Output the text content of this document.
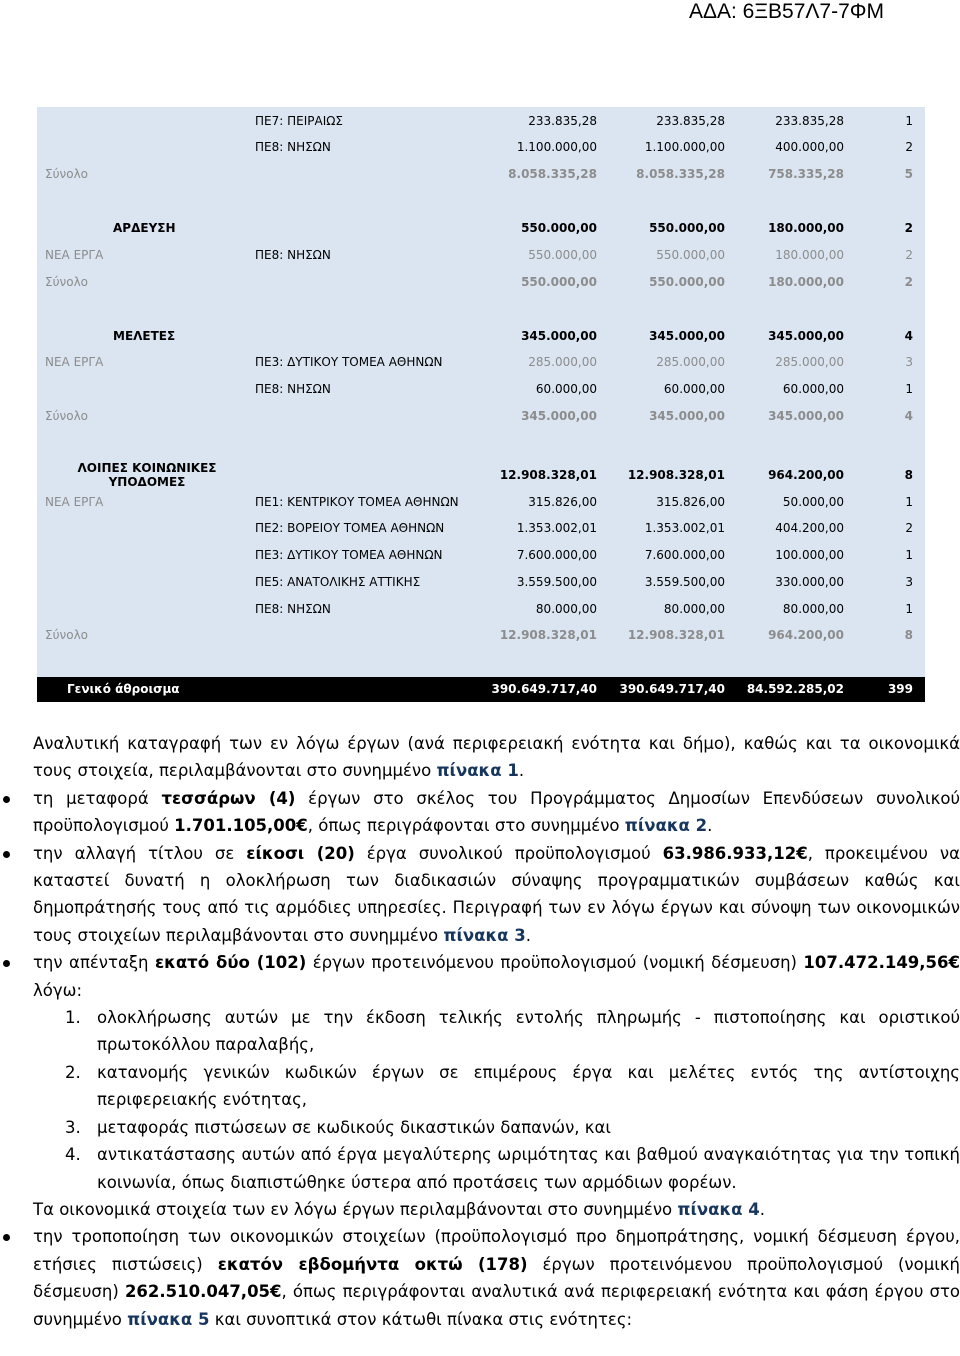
ΑΔΑ: 6ΞΒ57Λ7-7ΦΜ
ΠΕ7: ΠΕΙΡΑΙΩΣ	233.835,28	233.835,28	233.835,28	1
ΠΕ8: ΝΗΣΩΝ	1.100.000,00	1.100.000,00	400.000,00	2
Σύνολο	8.058.335,28	8.058.335,28	758.335,28	5
ΑΡΔΕΥΣΗ	550.000,00	550.000,00	180.000,00	2
ΝΕΑ ΕΡΓΑ	ΠΕ8: ΝΗΣΩΝ	550.000,00	550.000,00	180.000,00	2
Σύνολο	550.000,00	550.000,00	180.000,00	2
ΜΕΛΕΤΕΣ	345.000,00	345.000,00	345.000,00	4
ΝΕΑ ΕΡΓΑ	ΠΕ3: ΔΥΤΙΚΟΥ ΤΟΜΕΑ ΑΘΗΝΩΝ	285.000,00	285.000,00	285.000,00	3
ΠΕ8: ΝΗΣΩΝ	60.000,00	60.000,00	60.000,00	1
Σύνολο	345.000,00	345.000,00	345.000,00	4
ΛΟΙΠΕΣ ΚΟΙΝΩΝΙΚΕΣ ΥΠΟΔΟΜΕΣ	12.908.328,01	12.908.328,01	964.200,00	8
ΝΕΑ ΕΡΓΑ	ΠΕ1: ΚΕΝΤΡΙΚΟΥ ΤΟΜΕΑ ΑΘΗΝΩΝ	315.826,00	315.826,00	50.000,00	1
ΠΕ2: ΒΟΡΕΙΟΥ ΤΟΜΕΑ ΑΘΗΝΩΝ	1.353.002,01	1.353.002,01	404.200,00	2
ΠΕ3: ΔΥΤΙΚΟΥ ΤΟΜΕΑ ΑΘΗΝΩΝ	7.600.000,00	7.600.000,00	100.000,00	1
ΠΕ5: ΑΝΑΤΟΛΙΚΗΣ ΑΤΤΙΚΗΣ	3.559.500,00	3.559.500,00	330.000,00	3
ΠΕ8: ΝΗΣΩΝ	80.000,00	80.000,00	80.000,00	1
Σύνολο	12.908.328,01	12.908.328,01	964.200,00	8
Γενικό άθροισμα	390.649.717,40 390.649.717,40 84.592.285,02	399

Αναλυτική καταγραφή των εν λόγω έργων (ανά περιφερειακή ενότητα και δήμο), καθώς και τα οικονομικά τους στοιχεία, περιλαμβάνονται στο συνημμένο πίνακα 1.

τη μεταφορά τεσσάρων (4) έργων στο σκέλος του Προγράμματος Δημοσίων Επενδύσεων συνολικού προϋπολογισμού 1.701.105,00€, όπως περιγράφονται στο συνημμένο πίνακα 2.

την αλλαγή τίτλου σε είκοσι (20) έργα συνολικού προϋπολογισμού 63.986.933,12€, προκειμένου να καταστεί δυνατή η ολοκλήρωση των διαδικασιών σύναψης προγραμματικών συμβάσεων καθώς και δημοπράτησής τους από τις αρμόδιες υπηρεσίες. Περιγραφή των εν λόγω έργων και σύνοψη των οικονομικών τους στοιχείων περιλαμβάνονται στο συνημμένο πίνακα 3.

την απένταξη εκατό δύο (102) έργων προτεινόμενου προϋπολογισμού (νομική δέσμευση) 107.472.149,56€ λόγω:

1. ολοκλήρωσης αυτών με την έκδοση τελικής εντολής πληρωμής - πιστοποίησης και οριστικού πρωτοκόλλου παραλαβής,

2. κατανομής γενικών κωδικών έργων σε επιμέρους έργα και μελέτες εντός της αντίστοιχης περιφερειακής ενότητας,

3. μεταφοράς πιστώσεων σε κωδικούς δικαστικών δαπανών, και

4. αντικατάστασης αυτών από έργα μεγαλύτερης ωριμότητας και βαθμού αναγκαιότητας για την τοπική κοινωνία, όπως διαπιστώθηκε ύστερα από προτάσεις των αρμόδιων φορέων.

Τα οικονομικά στοιχεία των εν λόγω έργων περιλαμβάνονται στο συνημμένο πίνακα 4.

την τροποποίηση των οικονομικών στοιχείων (προϋπολογισμό προ δημοπράτησης, νομική δέσμευση έργου, ετήσιες πιστώσεις) εκατόν εβδομήντα οκτώ (178) έργων προτεινόμενου προϋπολογισμού (νομική δέσμευση) 262.510.047,05€, όπως περιγράφονται αναλυτικά ανά περιφερειακή ενότητα και φάση έργου στο συνημμένο πίνακα 5 και συνοπτικά στον κάτωθι πίνακα στις ενότητες:
